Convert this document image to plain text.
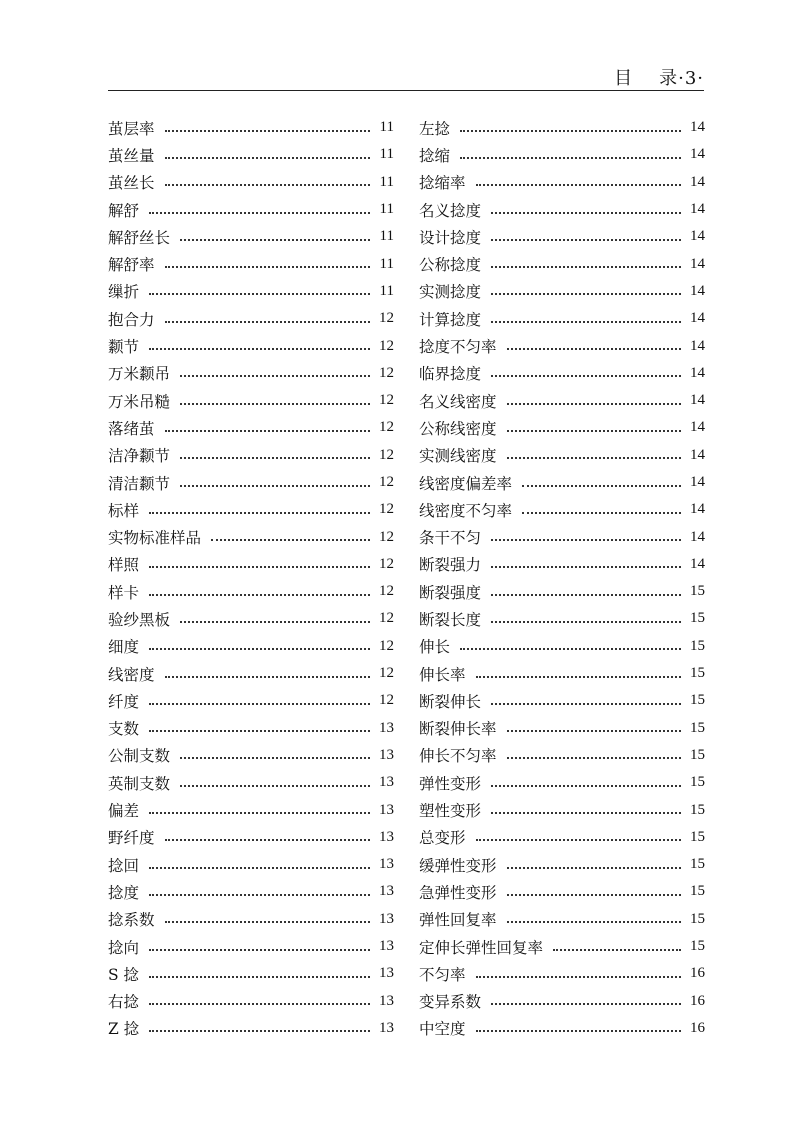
目 录·3·
茧层率	11
茧丝量	11
茧丝长	11
解舒	11
解舒丝长	11
解舒率	11
缫折	11
抱合力	12
颣节	12
万米颣吊	12
万米吊糙	12
落绪茧	12
洁净颣节	12
清洁颣节	12
标样	12
实物标准样品	12
样照	12
样卡	12
验纱黑板	12
细度	12
线密度	12
纤度	12
支数	13
公制支数	13
英制支数	13
偏差	13
野纤度	13
捻回	13
捻度	13
捻系数	13
捻向	13
S 捻	13
右捻	13
Z 捻	13
左捻	14
捻缩	14
捻缩率	14
名义捻度	14
设计捻度	14
公称捻度	14
实测捻度	14
计算捻度	14
捻度不匀率	14
临界捻度	14
名义线密度	14
公称线密度	14
实测线密度	14
线密度偏差率	14
线密度不匀率	14
条干不匀	14
断裂强力	14
断裂强度	15
断裂长度	15
伸长	15
伸长率	15
断裂伸长	15
断裂伸长率	15
伸长不匀率	15
弹性变形	15
塑性变形	15
总变形	15
缓弹性变形	15
急弹性变形	15
弹性回复率	15
定伸长弹性回复率	15
不匀率	16
变异系数	16
中空度	16
